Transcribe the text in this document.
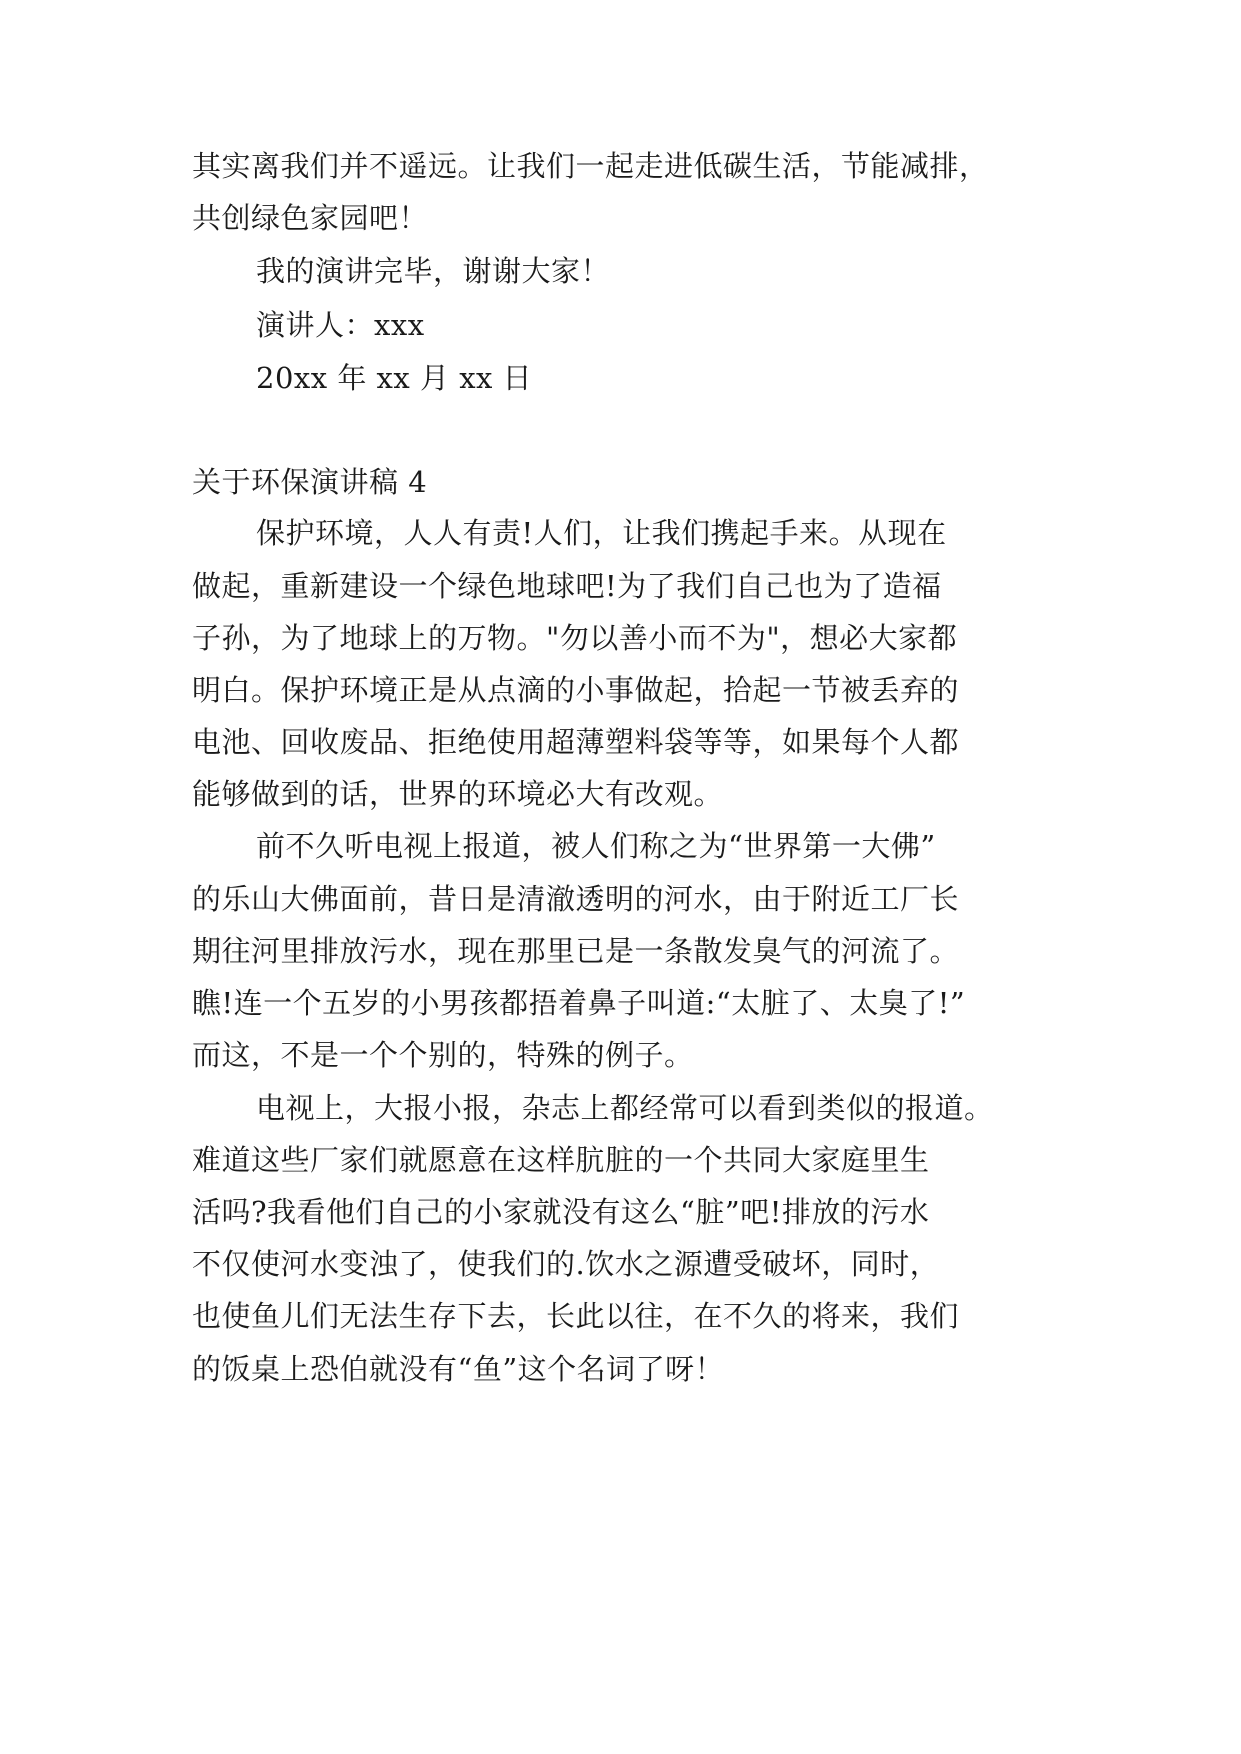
其实离我们并不遥远。让我们一起走进低碳生活，节能减排，
共创绿色家园吧！
我的演讲完毕，谢谢大家！
演讲人：xxx
20xx 年 xx 月 xx 日
关于环保演讲稿 4
保护环境，人人有责!人们，让我们携起手来。从现在
做起，重新建设一个绿色地球吧!为了我们自己也为了造福
子孙，为了地球上的万物。"勿以善小而不为"，想必大家都
明白。保护环境正是从点滴的小事做起，拾起一节被丢弃的
电池、回收废品、拒绝使用超薄塑料袋等等，如果每个人都
能够做到的话，世界的环境必大有改观。
前不久听电视上报道，被人们称之为“世界第一大佛”
的乐山大佛面前，昔日是清澈透明的河水，由于附近工厂长
期往河里排放污水，现在那里已是一条散发臭气的河流了。
瞧!连一个五岁的小男孩都捂着鼻子叫道:“太脏了、太臭了!”
而这，不是一个个别的，特殊的例子。
电视上，大报小报，杂志上都经常可以看到类似的报道。
难道这些厂家们就愿意在这样肮脏的一个共同大家庭里生
活吗?我看他们自己的小家就没有这么“脏”吧!排放的污水
不仅使河水变浊了，使我们的.饮水之源遭受破坏，同时，
也使鱼儿们无法生存下去，长此以往，在不久的将来，我们
的饭桌上恐伯就没有“鱼”这个名词了呀！
